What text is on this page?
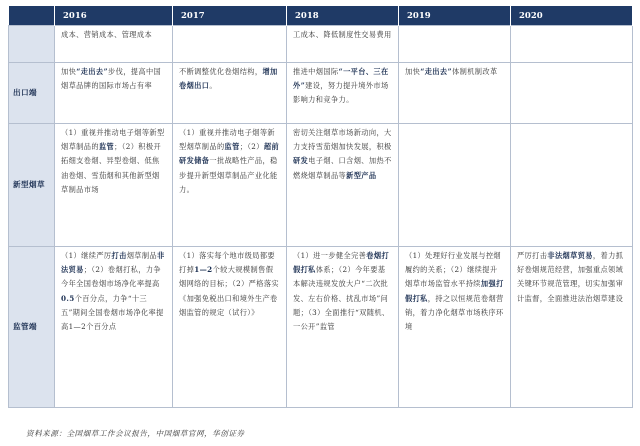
	2016	2017	2018	2019	2020
	成本、营销成本、管理成本		工成本、降低制度性交易费用		
出口端	加快“走出去”步伐，提高中国烟草品牌的国际市场占有率	不断调整优化卷烟结构，增加卷烟出口。	推进中烟国际“一平台、三在外”建设，努力提升境外市场影响力和竞争力。	加快“走出去”体制机制改革	
新型烟草	（1）重视并推动电子烟等新型烟草制品的监管；（2）积极开拓细支卷烟、异型卷烟、低焦油卷烟、雪茄烟和其他新型烟草制品市场	（1）重视并推动电子烟等新型烟草制品的监管；（2）超前研发储备一批战略性产品，稳步提升新型烟草制品产业化能力。	密切关注烟草市场新动向，大力支持雪茄烟加快发展，积极研发电子烟、口含烟、加热不燃烧烟草制品等新型产品		
监管端	（1）继续严厉打击烟草制品非法贸易；（2）卷烟打私，力争今年全国卷烟市场净化率提高0.5个百分点，力争“十三五”期间全国卷烟市场净化率提高1—2个百分点	（1）落实每个地市级局都要打掉1—2个较大规模制售假烟网络的目标；（2）严格落实《加强免税出口和境外生产卷烟监管的规定（试行）》	（1）进一步健全完善卷烟打假打私体系；（2）今年要基本解决违规发放大户“二次批发、左右价格、扰乱市场”问题；（3）全面推行“双随机、一公开”监管	（1）处理好行业发展与控烟履约的关系；（2）继续提升烟草市场监管水平持续加强打假打私，持之以恒规范卷烟营销，着力净化烟草市场秩序环境	严厉打击非法烟草贸易，着力抓好卷烟规范经营，加强重点领域关键环节规范管理，切实加强审计监督，全面推进法治烟草建设
资料来源：全国烟草工作会议报告，中国烟草官网，华创证券
